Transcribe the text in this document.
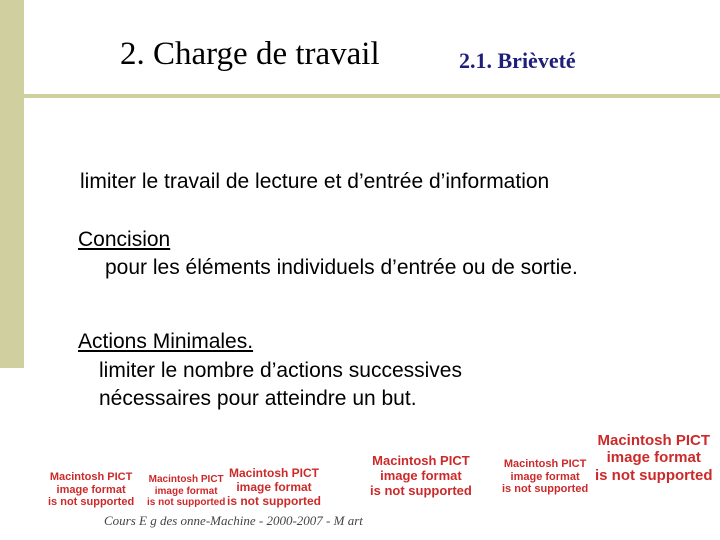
2. Charge de travail	2.1. Brièveté

limiter le travail de lecture et d’entrée d’information

Concision

pour les éléments individuels d’entrée ou de sortie.

Actions Minimales.

limiter le nombre d’actions successives

nécessaires pour atteindre un but.

Cours E g des onne-Machine - 2000-2007 - M art

Macintosh PICT
image format
is not supported
Macintosh PICT
image format
is not supported
Macintosh PICT
image format
is not supported
Macintosh PICT
image format
is not supported
Macintosh PICT
image format
is not supported
Macintosh PICT
image format
is not supported
